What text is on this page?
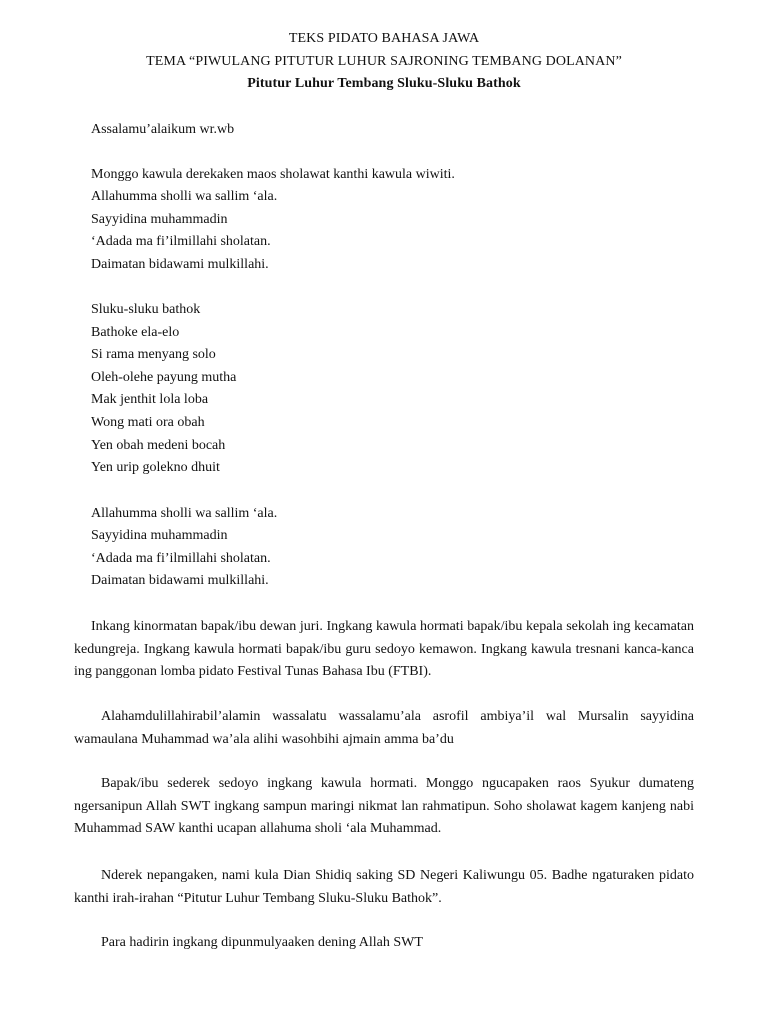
TEKS PIDATO BAHASA JAWA
TEMA “PIWULANG PITUTUR LUHUR SAJRONING TEMBANG DOLANAN”
Pitutur Luhur Tembang Sluku-Sluku Bathok
Assalamu’alaikum wr.wb
Monggo kawula derekaken maos sholawat kanthi kawula wiwiti.
Allahumma sholli wa sallim ‘ala.
Sayyidina muhammadin
‘Adada ma fi’ilmillahi sholatan.
Daimatan bidawami mulkillahi.
Sluku-sluku bathok
Bathoke ela-elo
Si rama menyang solo
Oleh-olehe payung mutha
Mak jenthit lola loba
Wong mati ora obah
Yen obah medeni bocah
Yen urip golekno dhuit
Allahumma sholli wa sallim ‘ala.
Sayyidina muhammadin
‘Adada ma fi’ilmillahi sholatan.
Daimatan bidawami mulkillahi.
Inkang kinormatan bapak/ibu dewan juri. Ingkang kawula hormati bapak/ibu kepala sekolah ing kecamatan kedungreja. Ingkang kawula hormati bapak/ibu guru sedoyo kemawon. Ingkang kawula tresnani kanca-kanca ing panggonan lomba pidato Festival Tunas Bahasa Ibu (FTBI).
Alahamdulillahirabil’alamin wassalatu wassalamu’ala asrofil ambiya’il wal Mursalin sayyidina wamaulana Muhammad wa’ala alihi wasohbihi ajmain amma ba’du
Bapak/ibu sederek sedoyo ingkang kawula hormati. Monggo ngucapaken raos Syukur dumateng ngersanipun Allah SWT ingkang sampun maringi nikmat lan rahmatipun. Soho sholawat kagem kanjeng nabi Muhammad SAW kanthi ucapan allahuma sholi ‘ala Muhammad.
Nderek nepangaken, nami kula Dian Shidiq saking SD Negeri Kaliwungu 05. Badhe ngaturaken pidato kanthi irah-irahan “Pitutur Luhur Tembang Sluku-Sluku Bathok”.
Para hadirin ingkang dipunmulyaaken dening Allah SWT
